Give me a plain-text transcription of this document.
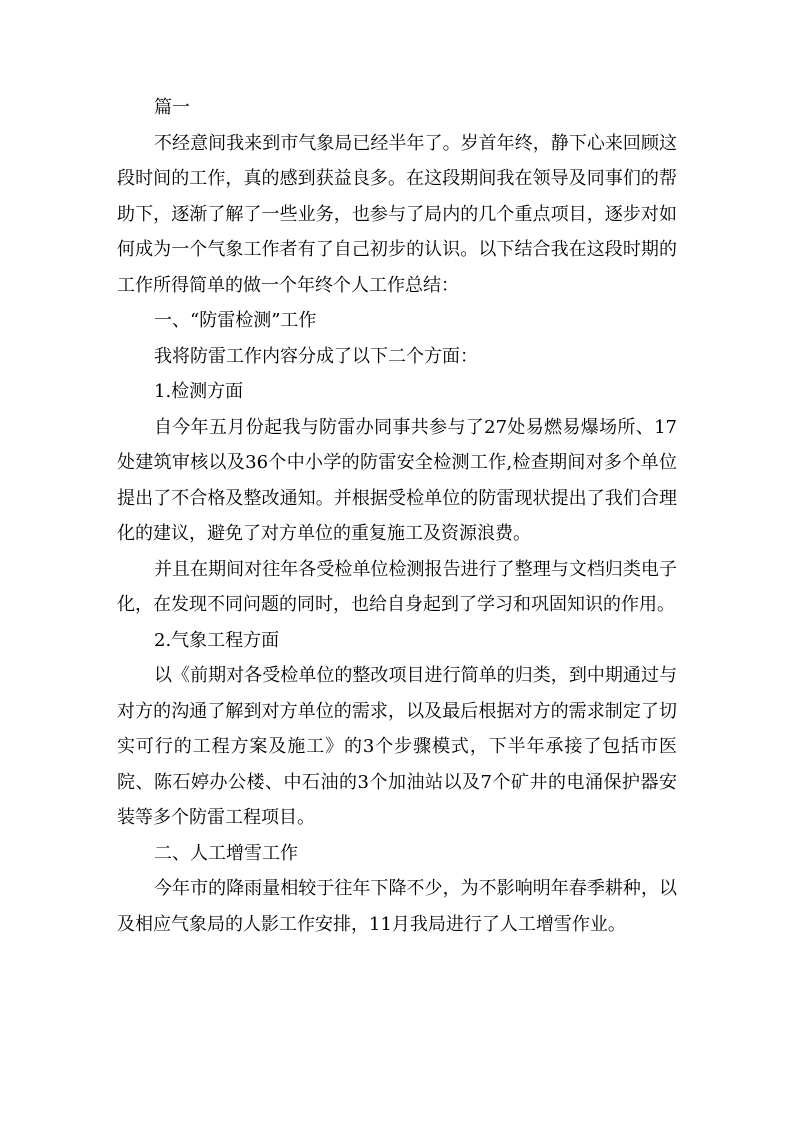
篇一

不经意间我来到市气象局已经半年了。岁首年终，静下心来回顾这段时间的工作，真的感到获益良多。在这段期间我在领导及同事们的帮助下，逐渐了解了一些业务，也参与了局内的几个重点项目，逐步对如何成为一个气象工作者有了自己初步的认识。以下结合我在这段时期的工作所得简单的做一个年终个人工作总结：

一、“防雷检测”工作

我将防雷工作内容分成了以下二个方面：

1.检测方面

自今年五月份起我与防雷办同事共参与了27处易燃易爆场所、17处建筑审核以及36个中小学的防雷安全检测工作,检查期间对多个单位提出了不合格及整改通知。并根据受检单位的防雷现状提出了我们合理化的建议，避免了对方单位的重复施工及资源浪费。

并且在期间对往年各受检单位检测报告进行了整理与文档归类电子化，在发现不同问题的同时，也给自身起到了学习和巩固知识的作用。

2.气象工程方面

以《前期对各受检单位的整改项目进行简单的归类，到中期通过与对方的沟通了解到对方单位的需求，以及最后根据对方的需求制定了切实可行的工程方案及施工》的3个步骤模式，下半年承接了包括市医院、陈石婷办公楼、中石油的3个加油站以及7个矿井的电涌保护器安装等多个防雷工程项目。

二、人工增雪工作

今年市的降雨量相较于往年下降不少，为不影响明年春季耕种，以及相应气象局的人影工作安排，11月我局进行了人工增雪作业。
